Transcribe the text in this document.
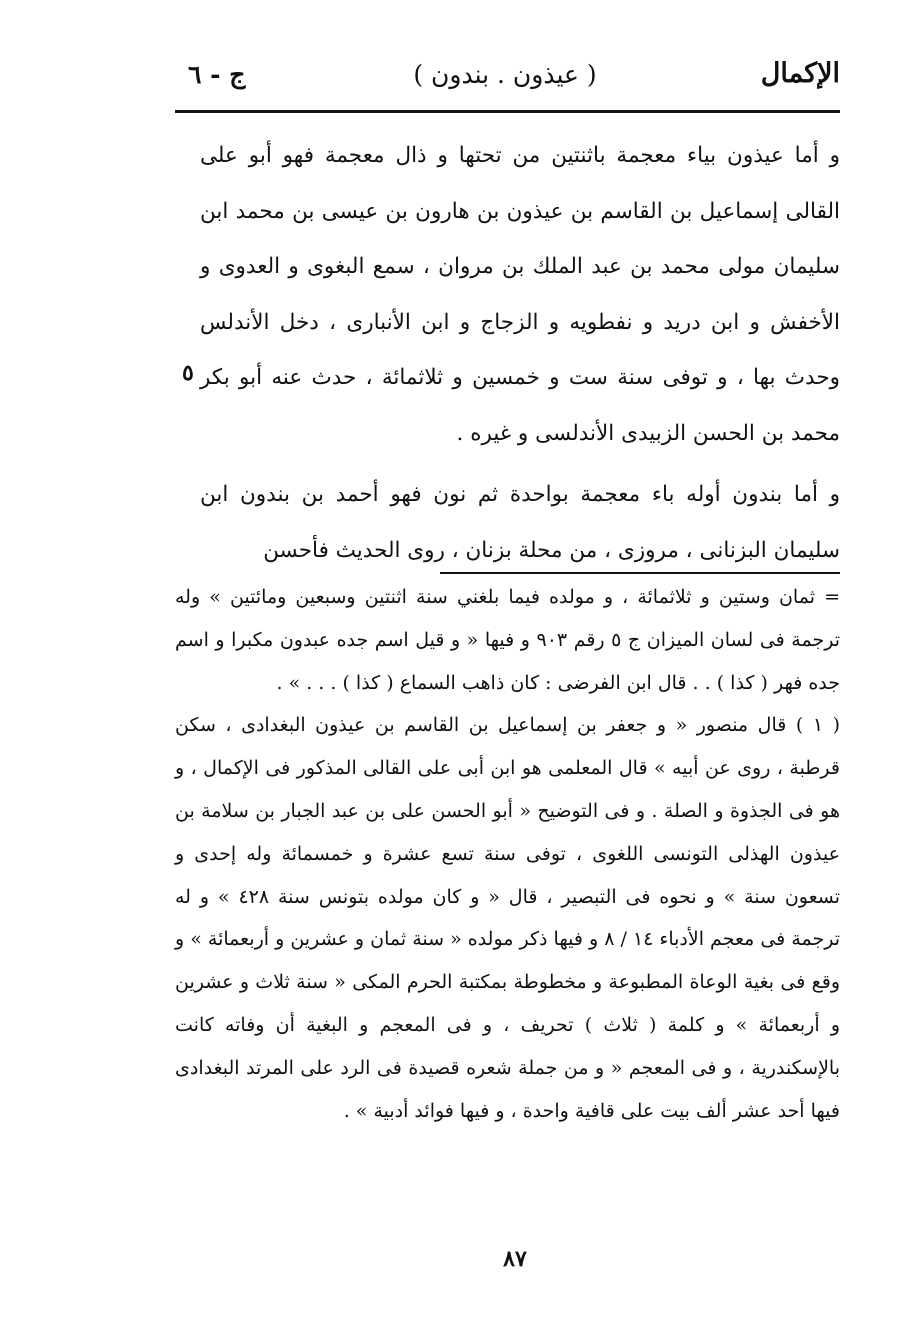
الإكمال
( عيذون . بندون )
ج - ٦

و أما عيذون بياء معجمة باثنتين من تحتها و ذال معجمة فهو أبو على القالى إسماعيل بن القاسم بن عيذون بن هارون بن عيسى بن محمد ابن سليمان مولى محمد بن عبد الملك بن مروان ، سمع البغوى و العدوى و الأخفش و ابن دريد و نفطويه و الزجاج و ابن الأنبارى ، دخل الأندلس وحدث بها ، و توفى سنة ست و خمسين و ثلاثمائة ، حدث عنه أبو بكر محمد بن الحسن الزبيدى الأندلسى و غيره .

و أما بندون أوله باء معجمة بواحدة ثم نون فهو أحمد بن بندون ابن سليمان البزنانى ، مروزى ، من محلة بزنان ، روى الحديث فأحسن

٥

= ثمان وستين و ثلاثمائة ، و مولده فيما بلغني سنة اثنتين وسبعين ومائتين » وله ترجمة فى لسان الميزان ج ٥ رقم ٩٠٣ و فيها « و قيل اسم جده عبدون مكبرا و اسم جده فهر ( كذا ) . . قال ابن الفرضى : كان ذاهب السماع ( كذا ) . . . » .

( ١ ) قال منصور « و جعفر بن إسماعيل بن القاسم بن عيذون البغدادى ، سكن قرطبة ، روى عن أبيه » قال المعلمى هو ابن أبى على القالى المذكور فى الإكمال ، و هو فى الجذوة و الصلة . و فى التوضيح « أبو الحسن على بن عبد الجبار بن سلامة بن عيذون الهذلى التونسى اللغوى ، توفى سنة تسع عشرة و خمسمائة وله إحدى و تسعون سنة » و نحوه فى التبصير ، قال « و كان مولده بتونس سنة ٤٢٨ » و له ترجمة فى معجم الأدباء ١٤ / ٨ و فيها ذكر مولده « سنة ثمان و عشرين و أربعمائة » و وقع فى بغية الوعاة المطبوعة و مخطوطة بمكتبة الحرم المكى « سنة ثلاث و عشرين و أربعمائة » و كلمة ( ثلاث ) تحريف ، و فى المعجم و البغية أن وفاته كانت بالإسكندرية ، و فى المعجم « و من جملة شعره قصيدة فى الرد على المرتد البغدادى فيها أحد عشر ألف بيت على قافية واحدة ، و فيها فوائد أدبية » .

٨٧
